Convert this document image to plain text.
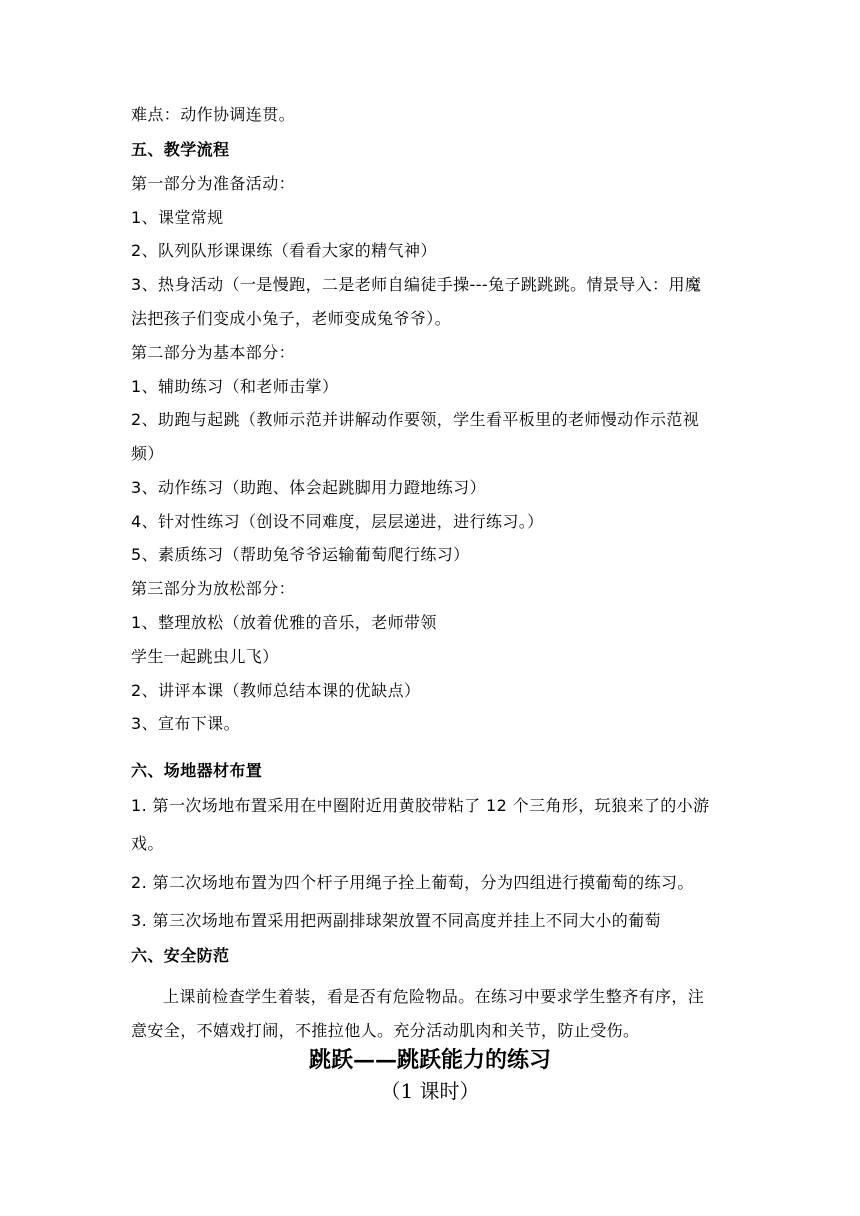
难点：动作协调连贯。
五、教学流程
第一部分为准备活动：
1、课堂常规
2、队列队形课课练（看看大家的精气神）
3、热身活动（一是慢跑，二是老师自编徒手操---兔子跳跳跳。情景导入：用魔
法把孩子们变成小兔子，老师变成兔爷爷）。
第二部分为基本部分：
1、辅助练习（和老师击掌）
2、助跑与起跳（教师示范并讲解动作要领，学生看平板里的老师慢动作示范视
频）
3、动作练习（助跑、体会起跳脚用力蹬地练习）
4、针对性练习（创设不同难度，层层递进，进行练习。）
5、素质练习（帮助兔爷爷运输葡萄爬行练习）
第三部分为放松部分：
1、整理放松（放着优雅的音乐，老师带领
学生一起跳虫儿飞）
2、讲评本课（教师总结本课的优缺点）
3、宣布下课。
六、场地器材布置
1. 第一次场地布置采用在中圈附近用黄胶带粘了 12 个三角形，玩狼来了的小游
戏。
2. 第二次场地布置为四个杆子用绳子拴上葡萄，分为四组进行摸葡萄的练习。
3. 第三次场地布置采用把两副排球架放置不同高度并挂上不同大小的葡萄
六、安全防范
上课前检查学生着装，看是否有危险物品。在练习中要求学生整齐有序，注
意安全，不嬉戏打闹，不推拉他人。充分活动肌肉和关节，防止受伤。
跳跃——跳跃能力的练习
（1 课时）
